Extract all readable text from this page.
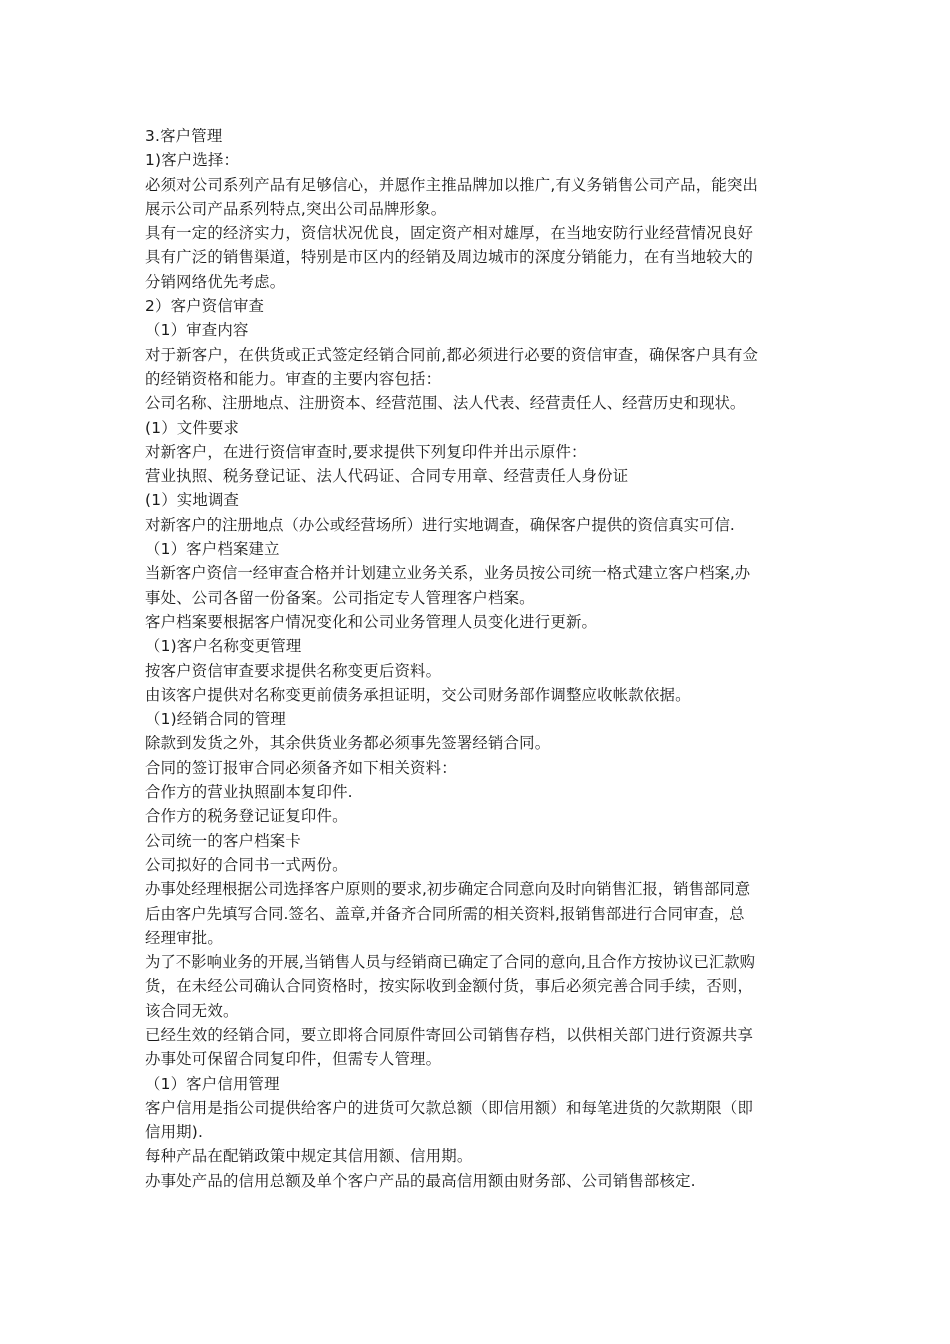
3.客户管理
1)客户选择：
必须对公司系列产品有足够信心，并愿作主推品牌加以推广,有义务销售公司产品，能突出
展示公司产品系列特点,突出公司品牌形象。
具有一定的经济实力，资信状况优良，固定资产相对雄厚，在当地安防行业经营情况良好
具有广泛的销售渠道，特别是市区内的经销及周边城市的深度分销能力，在有当地较大的
分销网络优先考虑。
2）客户资信审查
（1）审查内容
对于新客户，在供货或正式签定经销合同前,都必须进行必要的资信审查，确保客户具有佥
的经销资格和能力。审查的主要内容包括：
公司名称、注册地点、注册资本、经营范围、法人代表、经营责任人、经营历史和现状。
(1）文件要求
对新客户，在进行资信审查时,要求提供下列复印件并出示原件：
营业执照、税务登记证、法人代码证、合同专用章、经营责任人身份证
(1）实地调查
对新客户的注册地点（办公或经营场所）进行实地调查，确保客户提供的资信真实可信.
（1）客户档案建立
当新客户资信一经审查合格并计划建立业务关系，业务员按公司统一格式建立客户档案,办
事处、公司各留一份备案。公司指定专人管理客户档案。
客户档案要根据客户情况变化和公司业务管理人员变化进行更新。
（1)客户名称变更管理
按客户资信审查要求提供名称变更后资料。
由该客户提供对名称变更前债务承担证明，交公司财务部作调整应收帐款依据。
（1)经销合同的管理
除款到发货之外，其余供货业务都必须事先签署经销合同。
合同的签订报审合同必须备齐如下相关资料：
合作方的营业执照副本复印件.
合作方的税务登记证复印件。
公司统一的客户档案卡
公司拟好的合同书一式两份。
办事处经理根据公司选择客户原则的要求,初步确定合同意向及时向销售汇报，销售部同意
后由客户先填写合同.签名、盖章,并备齐合同所需的相关资料,报销售部进行合同审查，总
经理审批。
为了不影响业务的开展,当销售人员与经销商已确定了合同的意向,且合作方按协议已汇款购
货，在未经公司确认合同资格时，按实际收到金额付货，事后必须完善合同手续，否则，
该合同无效。
已经生效的经销合同，要立即将合同原件寄回公司销售存档，以供相关部门进行资源共享
办事处可保留合同复印件，但需专人管理。
（1）客户信用管理
客户信用是指公司提供给客户的进货可欠款总额（即信用额）和每笔进货的欠款期限（即
信用期).
每种产品在配销政策中规定其信用额、信用期。
办事处产品的信用总额及单个客户产品的最高信用额由财务部、公司销售部核定.
